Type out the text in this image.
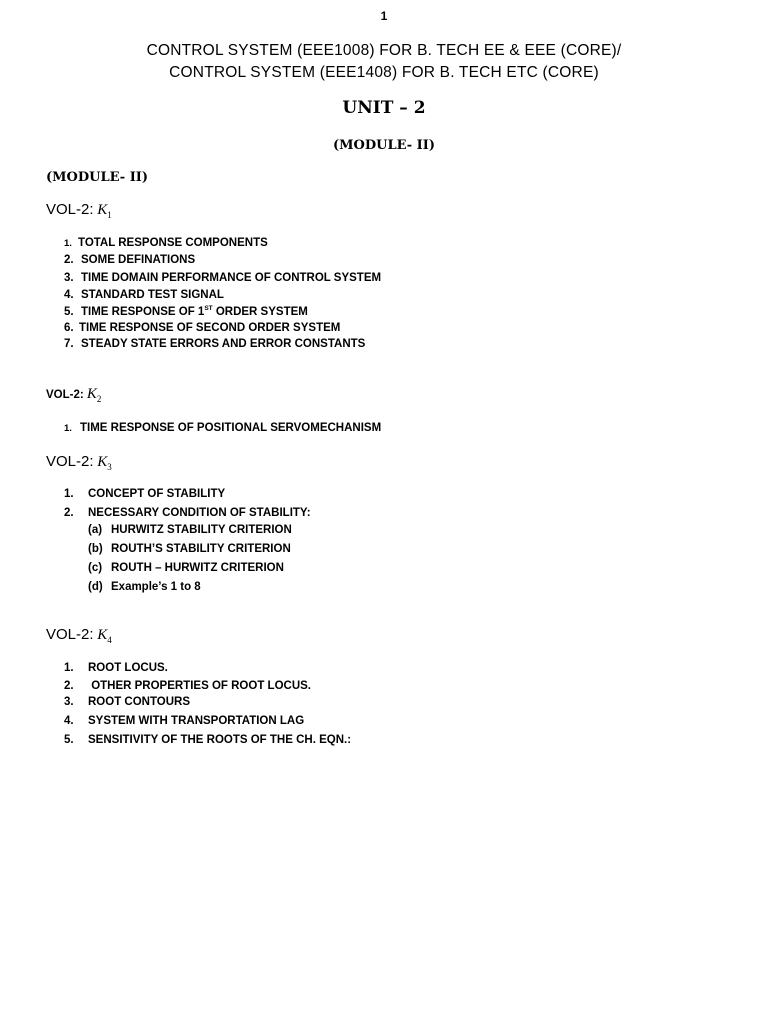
1
CONTROL SYSTEM (EEE1008) FOR B. TECH EE & EEE (CORE)/
CONTROL SYSTEM (EEE1408) FOR B. TECH ETC (CORE)
UNIT – 2
(MODULE- II)
(MODULE- II)
VOL-2: $K_1$
1. TOTAL RESPONSE COMPONENTS
2. SOME DEFINATIONS
3. TIME DOMAIN PERFORMANCE OF CONTROL SYSTEM
4. STANDARD TEST SIGNAL
5. TIME RESPONSE OF 1ST ORDER SYSTEM
6. TIME RESPONSE OF SECOND ORDER SYSTEM
7. STEADY STATE ERRORS AND ERROR CONSTANTS
VOL-2: $K_2$
1. TIME RESPONSE OF POSITIONAL SERVOMECHANISM
VOL-2: $K_3$
1. CONCEPT OF STABILITY
2. NECESSARY CONDITION OF STABILITY:
(a) HURWITZ STABILITY CRITERION
(b) ROUTH’S STABILITY CRITERION
(c) ROUTH – HURWITZ CRITERION
(d) Example’s 1 to 8
VOL-2: $K_4$
1. ROOT LOCUS.
2. OTHER PROPERTIES OF ROOT LOCUS.
3. ROOT CONTOURS
4. SYSTEM WITH TRANSPORTATION LAG
5. SENSITIVITY OF THE ROOTS OF THE CH. EQN.:
